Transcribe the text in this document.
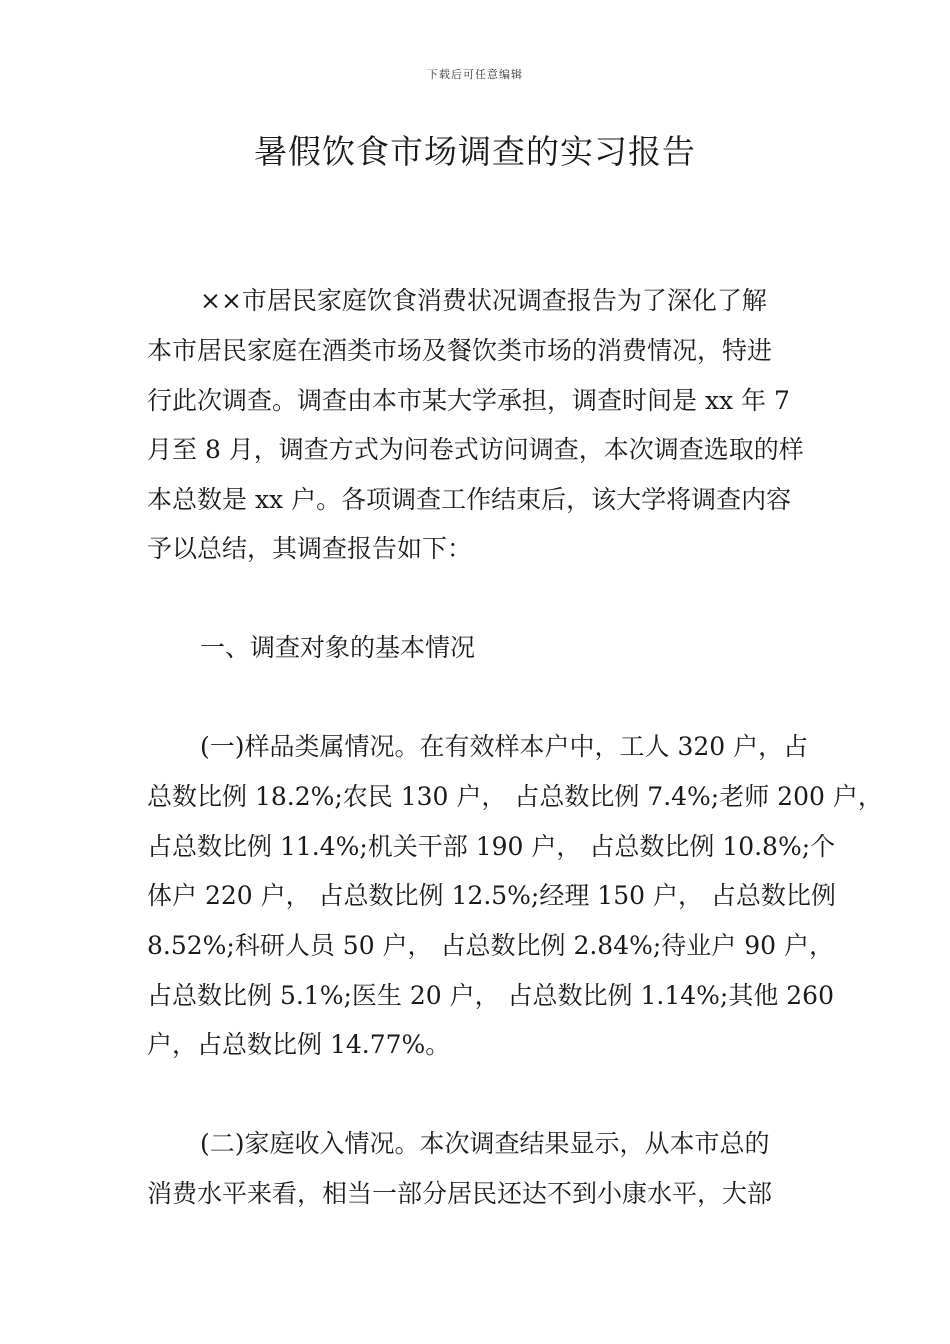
下载后可任意编辑
暑假饮食市场调查的实习报告
××市居民家庭饮食消费状况调查报告为了深化了解
本市居民家庭在酒类市场及餐饮类市场的消费情况，特进
行此次调查。调查由本市某大学承担，调查时间是 xx 年 7
月至 8 月，调查方式为问卷式访问调查，本次调查选取的样
本总数是 xx 户。各项调查工作结束后，该大学将调查内容
予以总结，其调查报告如下：
一、调查对象的基本情况
(一)样品类属情况。在有效样本户中，工人 320 户，占
总数比例 18.2%;农民 130 户， 占总数比例 7.4%;老师 200 户，
占总数比例 11.4%;机关干部 190 户， 占总数比例 10.8%;个
体户 220 户， 占总数比例 12.5%;经理 150 户， 占总数比例
8.52%;科研人员 50 户， 占总数比例 2.84%;待业户 90 户，
占总数比例 5.1%;医生 20 户， 占总数比例 1.14%;其他 260
户，占总数比例 14.77%。
(二)家庭收入情况。本次调查结果显示，从本市总的
消费水平来看，相当一部分居民还达不到小康水平，大部
